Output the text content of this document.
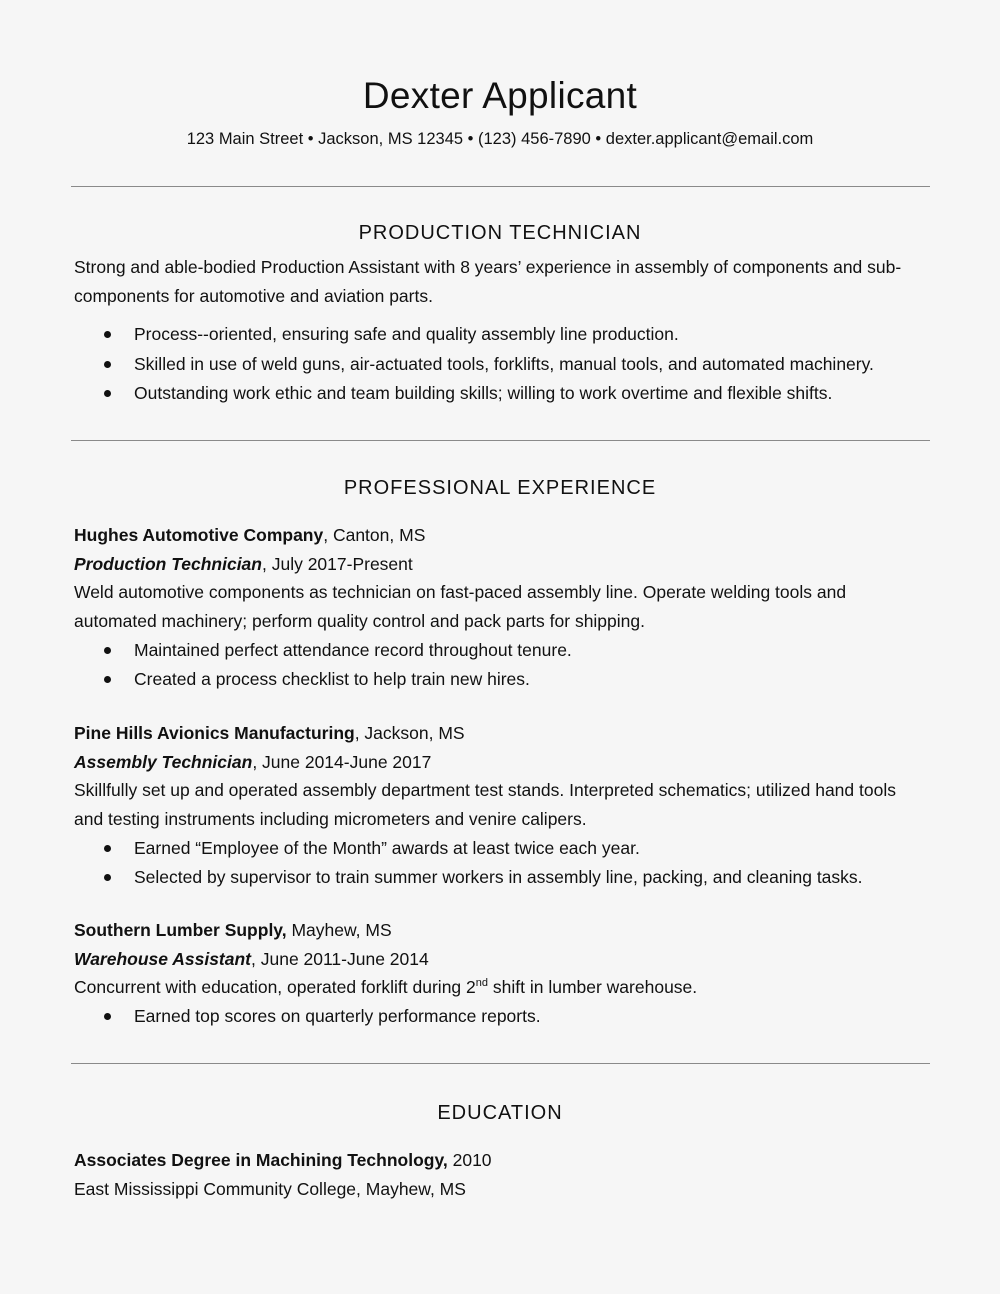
Dexter Applicant
123 Main Street • Jackson, MS 12345 • (123) 456-7890 • dexter.applicant@email.com
PRODUCTION TECHNICIAN

Strong and able-bodied Production Assistant with 8 years’ experience in assembly of components and sub-components for automotive and aviation parts.

Process--oriented, ensuring safe and quality assembly line production.
Skilled in use of weld guns, air-actuated tools, forklifts, manual tools, and automated machinery.
Outstanding work ethic and team building skills; willing to work overtime and flexible shifts.
PROFESSIONAL EXPERIENCE

Hughes Automotive Company, Canton, MS

Production Technician, July 2017-Present

Weld automotive components as technician on fast-paced assembly line. Operate welding tools and automated machinery; perform quality control and pack parts for shipping.

Maintained perfect attendance record throughout tenure.
Created a process checklist to help train new hires.

Pine Hills Avionics Manufacturing, Jackson, MS

Assembly Technician, June 2014-June 2017

Skillfully set up and operated assembly department test stands. Interpreted schematics; utilized hand tools and testing instruments including micrometers and venire calipers.

Earned “Employee of the Month” awards at least twice each year.
Selected by supervisor to train summer workers in assembly line, packing, and cleaning tasks.

Southern Lumber Supply, Mayhew, MS

Warehouse Assistant, June 2011-June 2014

Concurrent with education, operated forklift during 2nd shift in lumber warehouse.

Earned top scores on quarterly performance reports.
EDUCATION

Associates Degree in Machining Technology, 2010

East Mississippi Community College, Mayhew, MS
